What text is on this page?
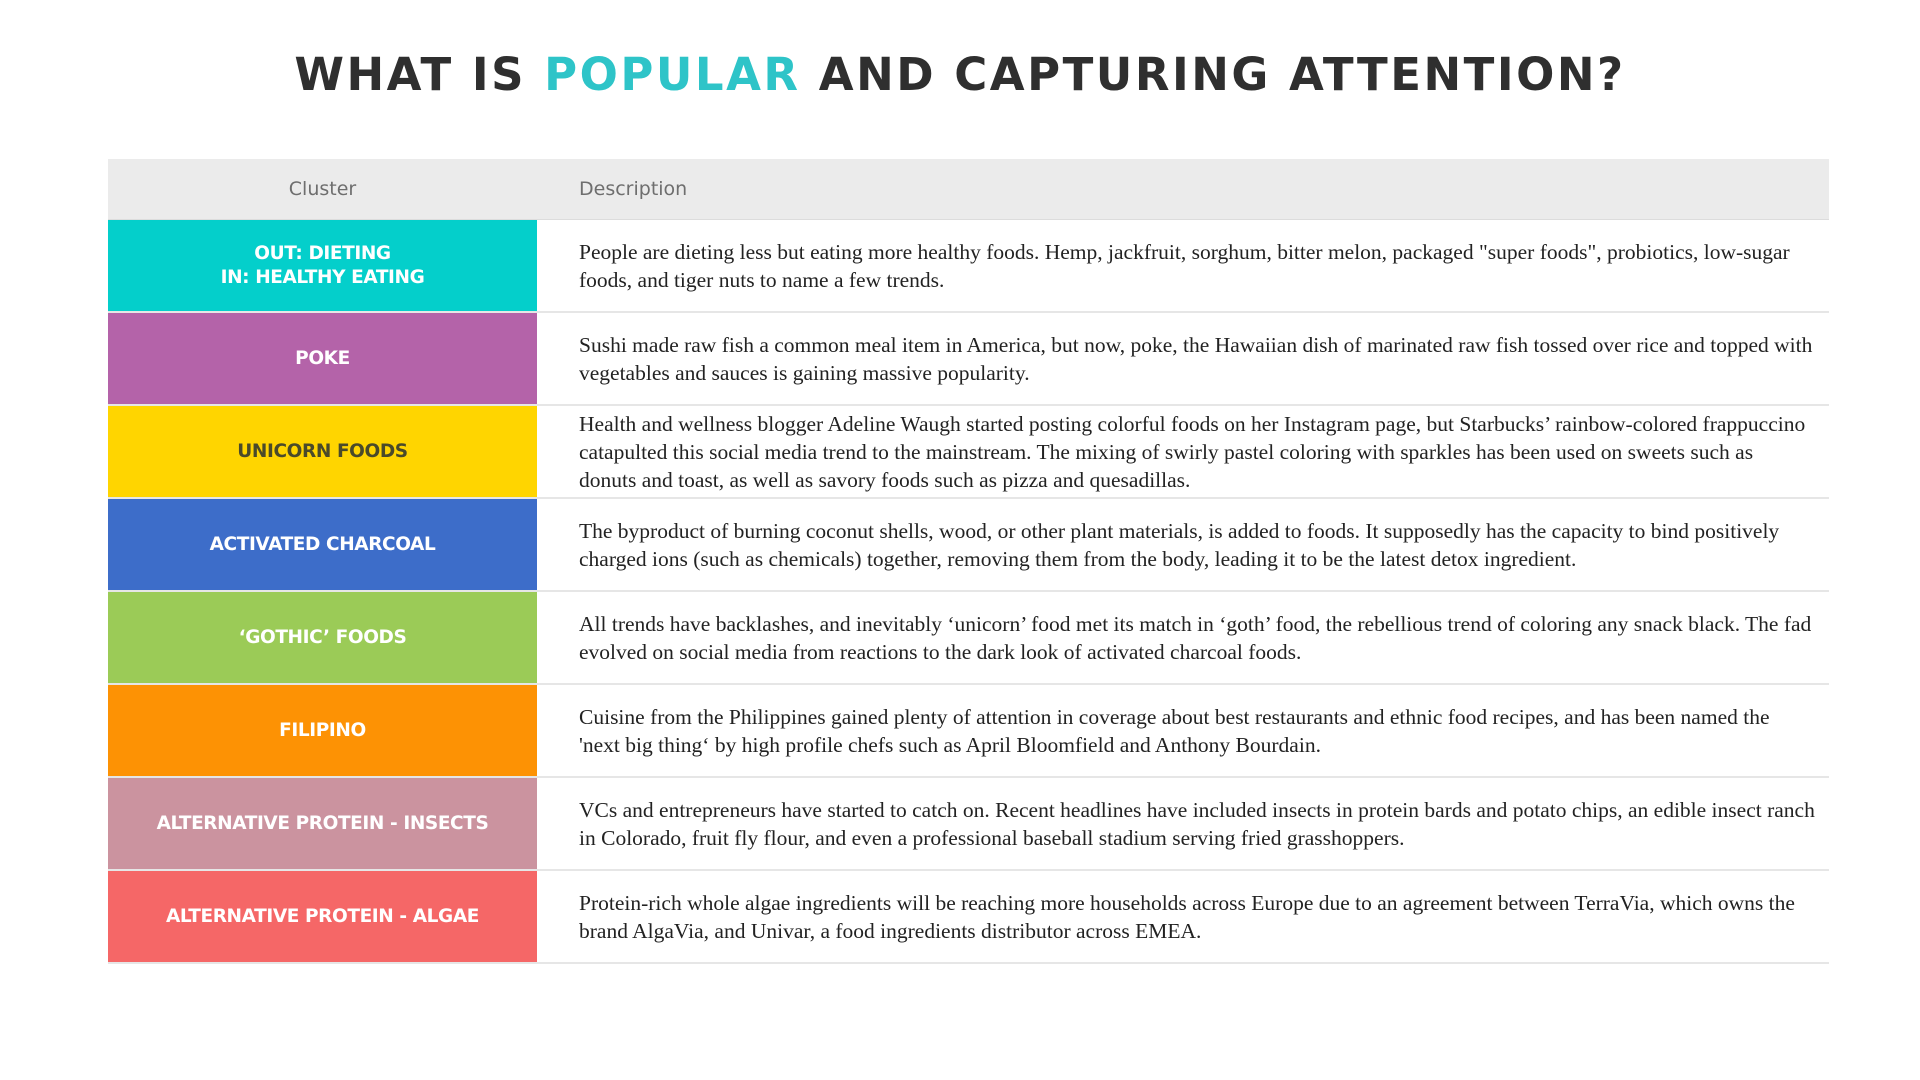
WHAT IS POPULAR AND CAPTURING ATTENTION?
Cluster	Description
OUT: DIETING
IN: HEALTHY EATING
People are dieting less but eating more healthy foods. Hemp, jackfruit, sorghum, bitter melon, packaged "super foods", probiotics, low-sugar foods, and tiger nuts to name a few trends.
POKE
Sushi made raw fish a common meal item in America, but now, poke, the Hawaiian dish of marinated raw fish tossed over rice and topped with vegetables and sauces is gaining massive popularity.
UNICORN FOODS
Health and wellness blogger Adeline Waugh started posting colorful foods on her Instagram page, but Starbucks’ rainbow-colored frappuccino catapulted this social media trend to the mainstream. The mixing of swirly pastel coloring with sparkles has been used on sweets such as donuts and toast, as well as savory foods such as pizza and quesadillas.
ACTIVATED CHARCOAL
The byproduct of burning coconut shells, wood, or other plant materials, is added to foods. It supposedly has the capacity to bind positively charged ions (such as chemicals) together, removing them from the body, leading it to be the latest detox ingredient.
‘GOTHIC’ FOODS
All trends have backlashes, and inevitably ‘unicorn’ food met its match in ‘goth’ food, the rebellious trend of coloring any snack black. The fad evolved on social media from reactions to the dark look of activated charcoal foods.
FILIPINO
Cuisine from the Philippines gained plenty of attention in coverage about best restaurants and ethnic food recipes, and has been named the 'next big thing‘ by high profile chefs such as April Bloomfield and Anthony Bourdain.
ALTERNATIVE PROTEIN - INSECTS
VCs and entrepreneurs have started to catch on. Recent headlines have included insects in protein bards and potato chips, an edible insect ranch in Colorado, fruit fly flour, and even a professional baseball stadium serving fried grasshoppers.
ALTERNATIVE PROTEIN - ALGAE
Protein-rich whole algae ingredients will be reaching more households across Europe due to an agreement between TerraVia, which owns the brand AlgaVia, and Univar, a food ingredients distributor across EMEA.
